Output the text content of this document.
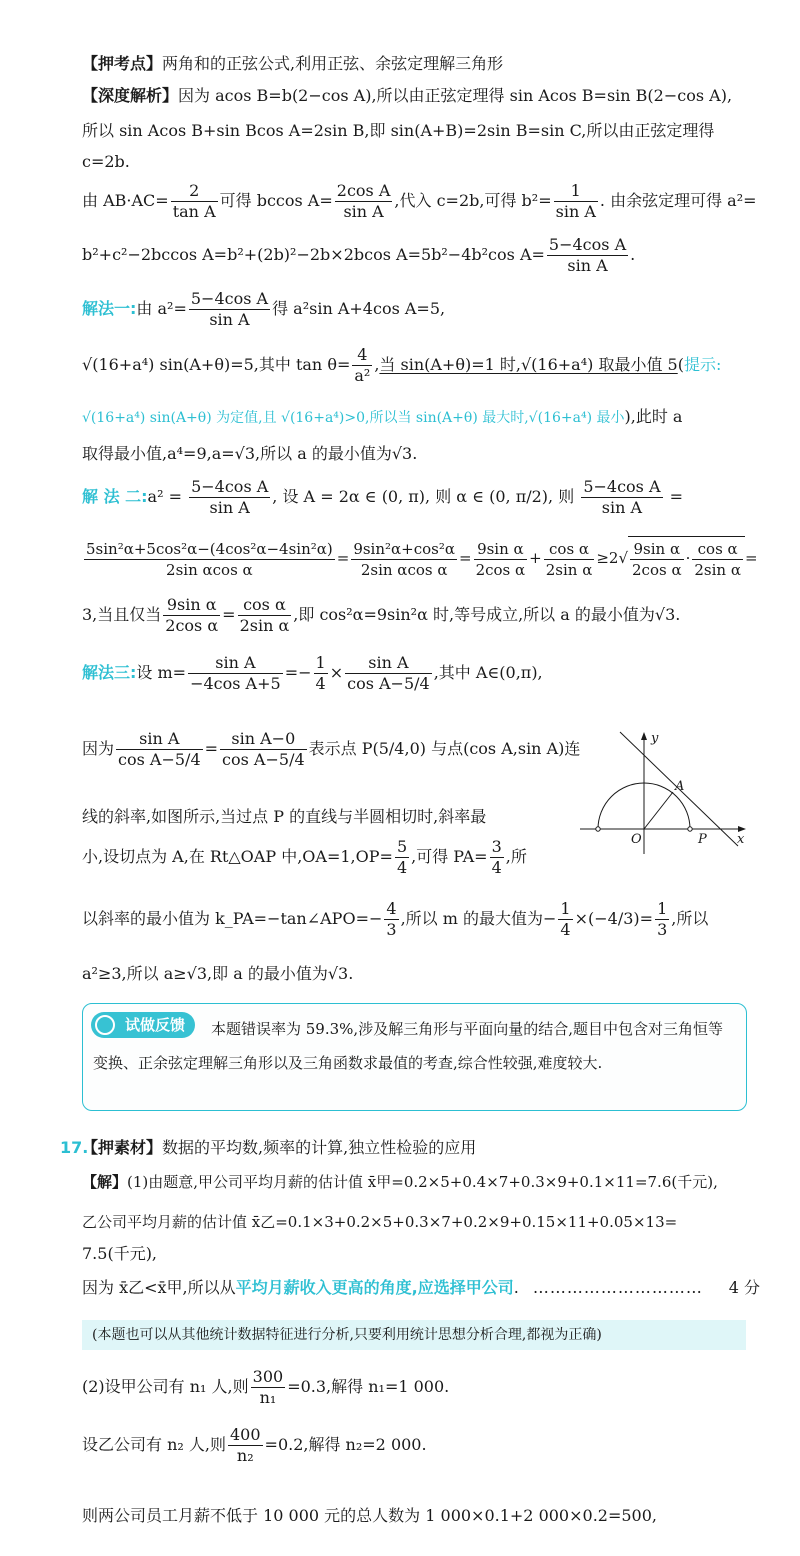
【押考点】两角和的正弦公式,利用正弦、余弦定理解三角形
【深度解析】因为 acos B=b(2−cos A),所以由正弦定理得 sin Acos B=sin B(2−cos A),
所以 sin Acos B+sin Bcos A=2sin B,即 sin(A+B)=2sin B=sin C,所以由正弦定理得
c=2b.
由 $AB\cdot AC= \frac{2}{\text{tan A}}$ 可得 bccos $A= \frac{\text{2cos A}}{\text{sin A}}$ ,代入 c=2b,可得 $b^2= \frac{1}{\text{sin A}}$ . 由余弦定理可得 a²=
b²+c²−2bccos A=b²+(2b)²−2b×2bcos A=5b²−4b²cos $A= \frac{\text{5−4cos A}}{\text{sin A}}$ .
解法一:由 $a^2= \frac{\text{5−4cos A}}{\text{sin A}}$ 得 a²sin A+4cos A=5,
√(16+a⁴) sin(A+θ)=5,其中 $\tan \theta= \frac{4}{\text{a²}}$ ,当 sin(A+θ)=1 时,√(16+a⁴) 取最小值 5(提示:
√(16+a⁴) sin(A+θ) 为定值,且 √(16+a⁴)>0,所以当 sin(A+θ) 最大时,√(16+a⁴) 最小),此时 a
取得最小值,a⁴=9,a=√3,所以 a 的最小值为√3.
解 法 二:a² = $\frac{\text{5−4cos A}}{\text{sin A}}$ , 设 A = 2α ∈ (0, π), 则 α ∈ (0, π/2), 则 $\frac{\text{5−4cos A}}{\text{sin A}}$ =
$\frac{\text{5sin²α+5cos²α−(4cos²α−4sin²α)}}{\text{2sin αcos α}} = \frac{\text{9sin²α+cos²α}}{\text{2sin αcos α}} = \frac{\text{9sin α}}{\text{2cos α}} + \frac{\text{cos α}}{\text{2sin α}} \ge 2√ \frac{\text{9sin α}}{\text{2cos α}} \cdot \frac{\text{cos α}}{\text{2sin α}}$ =
3,当且仅当 $\frac{\text{9sin α}}{\text{2cos α}} = \frac{\text{cos α}}{\text{2sin α}}$ ,即 cos²α=9sin²α 时,等号成立,所以 a 的最小值为√3.
解法三:设 $m= \frac{\text{sin A}}{\text{−4cos A+5}} =- \frac{1}{4} \times \frac{\text{sin A}}{\text{cos A−5/4}}$ ,其中 A∈(0,π),
因为 $\frac{\text{sin A}}{\text{cos A−5/4}} = \frac{\text{sin A−0}}{\text{cos A−5/4}}$ 表示点 P(5/4,0) 与点(cos A,sin A)连
线的斜率,如图所示,当过点 P 的直线与半圆相切时,斜率最
小,设切点为 A,在 Rt△OAP 中$,OA=1,OP= \frac{5}{4}$ ,可得 $PA= \frac{3}{4}$ ,所
以斜率的最小值为 k_PA=−tan∠APO=− $\frac{4}{3}$ ,所以 m 的最大值为− $\frac{1}{4} \times(-4/3)= \frac{1}{3}$ ,所以
a²≥3,所以 a≥√3,即 a 的最小值为√3.
y
A
O	P x
本题错误率为 59.3%,涉及解三角形与平面向量的结合,题目中包含对三角恒等变换、正余弦定理解三角形以及三角函数求最值的考查,综合性较强,难度较大.
试做反馈
17.
【押素材】数据的平均数,频率的计算,独立性检验的应用
【解】(1)由题意,甲公司平均月薪的估计值 x̄甲=0.2×5+0.4×7+0.3×9+0.1×11=7.6(千元),
乙公司平均月薪的估计值 x̄乙=0.1×3+0.2×5+0.3×7+0.2×9+0.15×11+0.05×13=
7.5(千元),
因为 x̄乙<x̄甲,所以从平均月薪收入更高的角度,应选择甲公司. ………………………… 4 分
(本题也可以从其他统计数据特征进行分析,只要利用统计思想分析合理,都视为正确)
(2)设甲公司有 n₁ 人,则 $\frac{300}{\text{n₁}} =0.3$,解得 n₁=1 000.
设乙公司有 n₂ 人,则 $\frac{400}{\text{n₂}} =0.2$,解得 n₂=2 000.
则两公司员工月薪不低于 10 000 元的总人数为 1 000×0.1+2 000×0.2=500,
